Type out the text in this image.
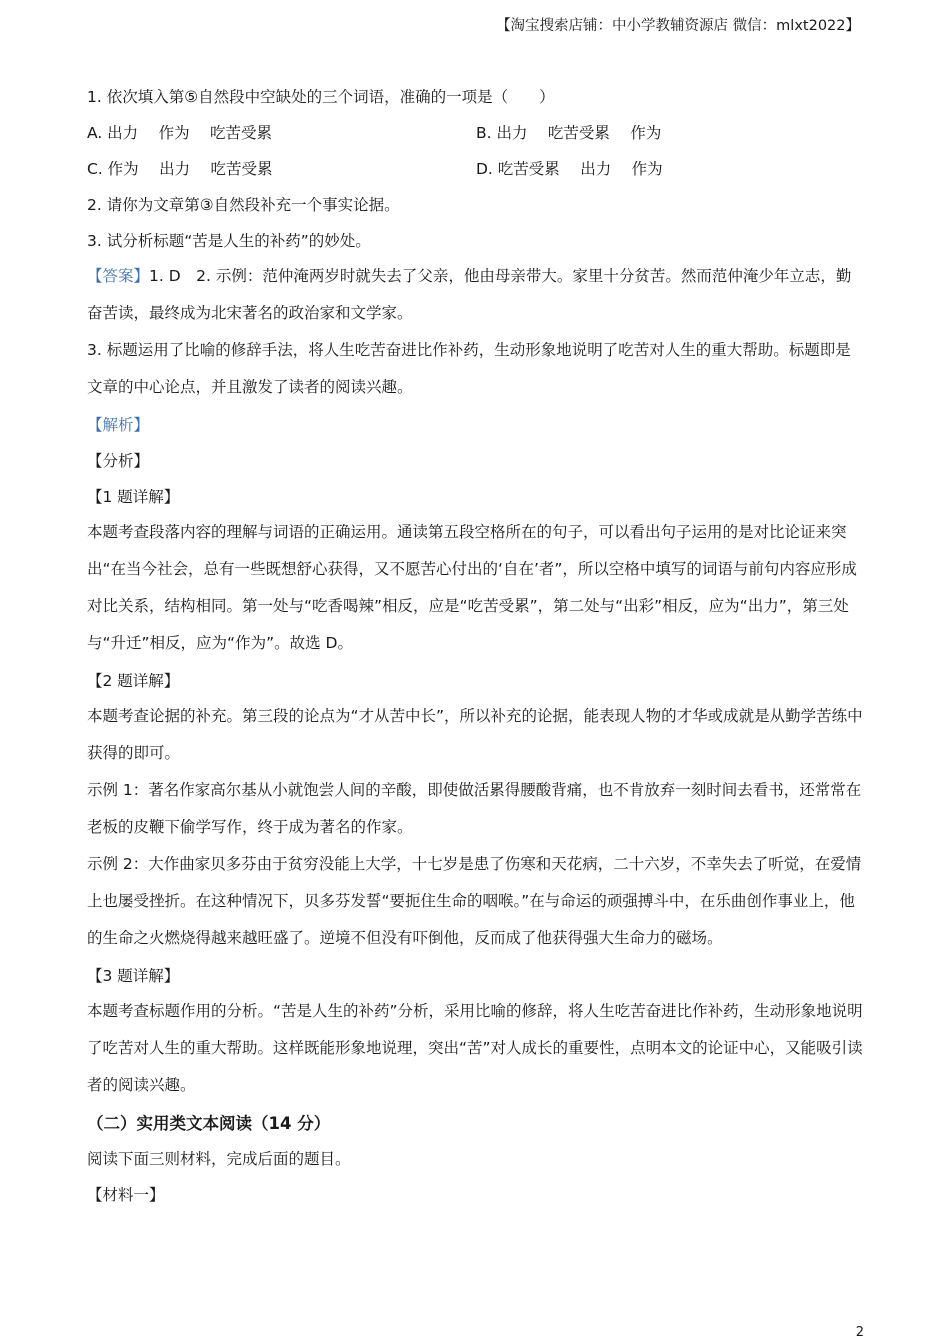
【淘宝搜索店铺：中小学教辅资源店 微信：mlxt2022】
1. 依次填入第⑤自然段中空缺处的三个词语，准确的一项是（　　）
A. 出力　 作为　 吃苦受累	B. 出力　 吃苦受累　 作为
C. 作为　 出力　 吃苦受累	D. 吃苦受累　 出力　 作为
2. 请你为文章第③自然段补充一个事实论据。
3. 试分析标题“苦是人生的补药”的妙处。

【答案】1. D　2. 示例：范仲淹两岁时就失去了父亲，他由母亲带大。家里十分贫苦。然而范仲淹少年立志，勤奋苦读，最终成为北宋著名的政治家和文学家。

3. 标题运用了比喻的修辞手法，将人生吃苦奋进比作补药，生动形象地说明了吃苦对人生的重大帮助。标题即是文章的中心论点，并且激发了读者的阅读兴趣。

【解析】
【分析】
【1 题详解】

本题考查段落内容的理解与词语的正确运用。通读第五段空格所在的句子，可以看出句子运用的是对比论证来突出“在当今社会，总有一些既想舒心获得，又不愿苦心付出的‘自在’者”，所以空格中填写的词语与前句内容应形成对比关系，结构相同。第一处与“吃香喝辣”相反，应是“吃苦受累”，第二处与“出彩”相反，应为“出力”，第三处与“升迁”相反，应为“作为”。故选 D。

【2 题详解】

本题考查论据的补充。第三段的论点为“才从苦中长”，所以补充的论据，能表现人物的才华或成就是从勤学苦练中获得的即可。

示例 1：著名作家高尔基从小就饱尝人间的辛酸，即使做活累得腰酸背痛，也不肯放弃一刻时间去看书，还常常在老板的皮鞭下偷学写作，终于成为著名的作家。

示例 2：大作曲家贝多芬由于贫穷没能上大学，十七岁是患了伤寒和天花病，二十六岁，不幸失去了听觉，在爱情上也屡受挫折。在这种情况下，贝多芬发誓“要扼住生命的咽喉。”在与命运的顽强搏斗中，在乐曲创作事业上，他的生命之火燃烧得越来越旺盛了。逆境不但没有吓倒他，反而成了他获得强大生命力的磁场。

【3 题详解】

本题考查标题作用的分析。“苦是人生的补药”分析，采用比喻的修辞，将人生吃苦奋进比作补药，生动形象地说明了吃苦对人生的重大帮助。这样既能形象地说理，突出“苦”对人成长的重要性，点明本文的论证中心，又能吸引读者的阅读兴趣。

（二）实用类文本阅读（14 分）
阅读下面三则材料，完成后面的题目。
【材料一】
2
